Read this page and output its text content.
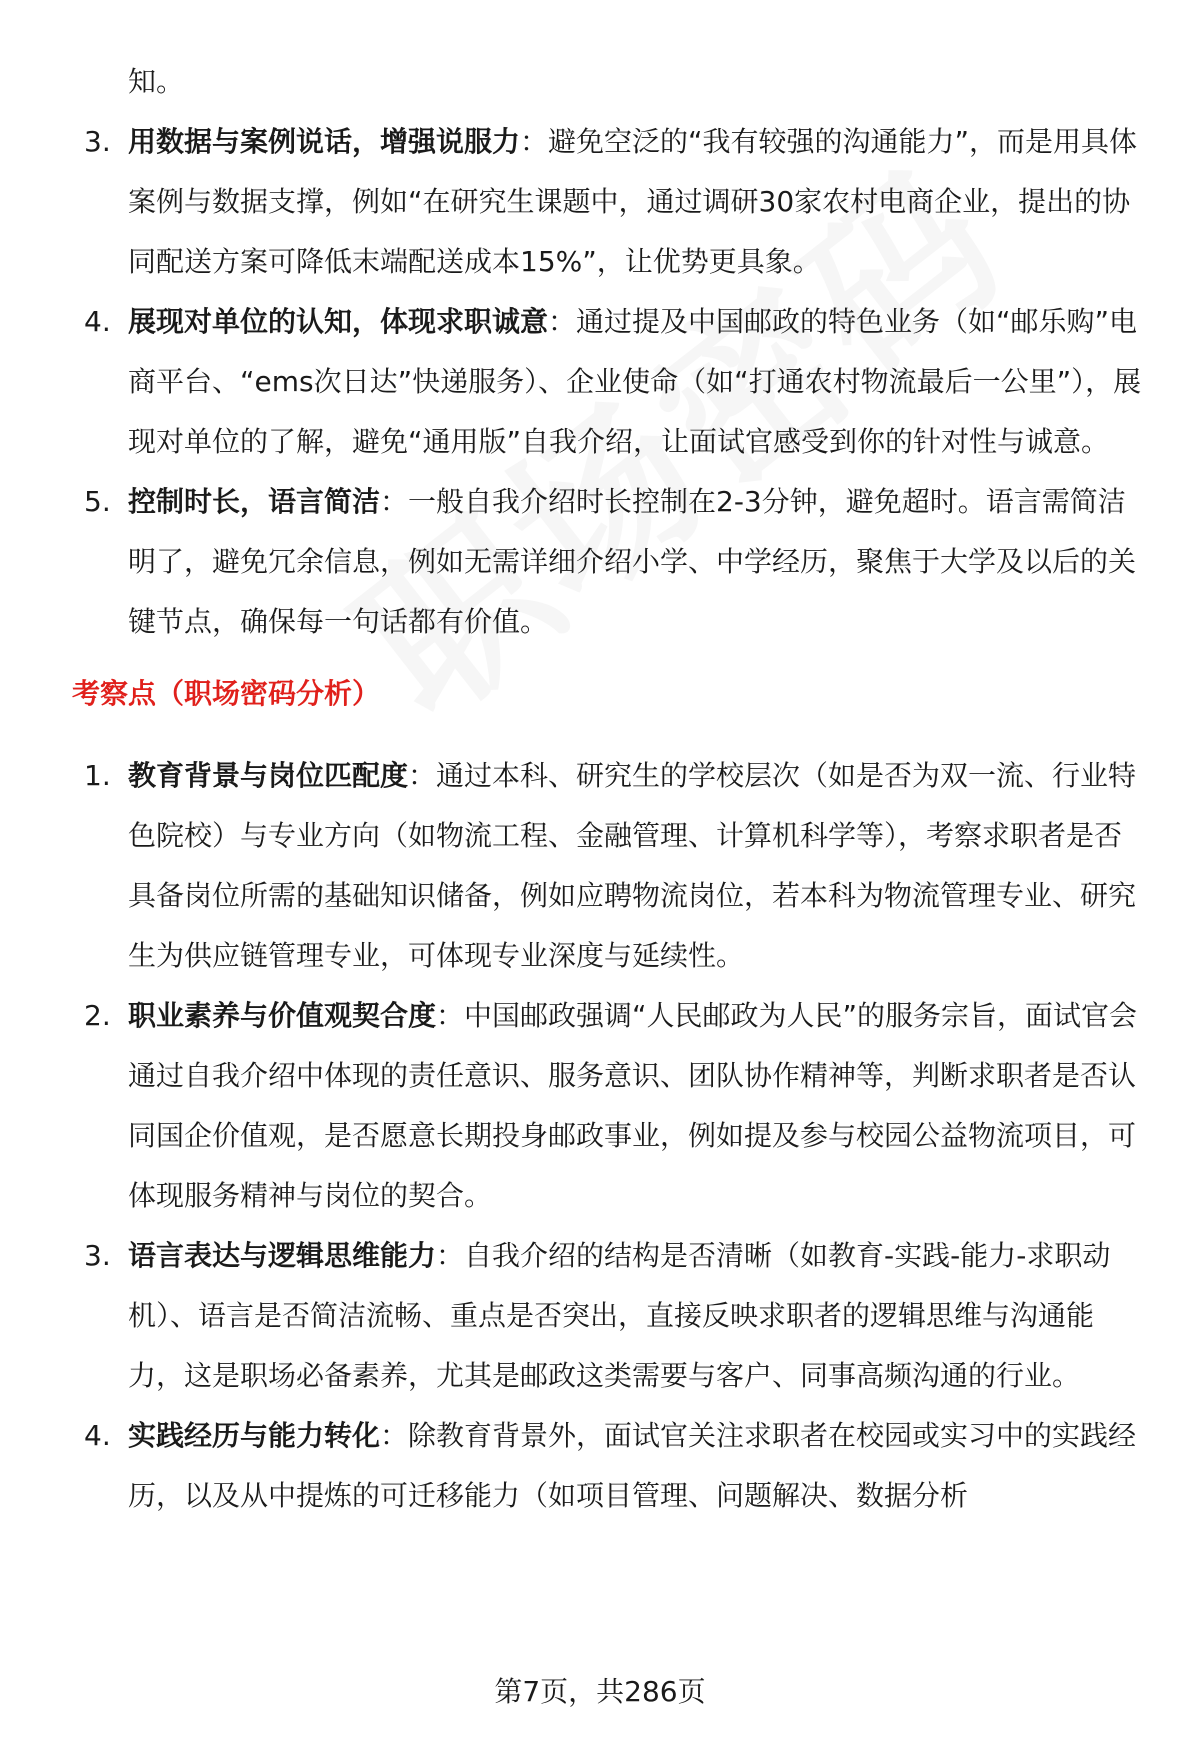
知。
3. 用数据与案例说话，增强说服力：避免空泛的“我有较强的沟通能力”，而是用具体案例与数据支撑，例如“在研究生课题中，通过调研30家农村电商企业，提出的协同配送方案可降低末端配送成本15%”，让优势更具象。
4. 展现对单位的认知，体现求职诚意：通过提及中国邮政的特色业务（如“邮乐购”电商平台、“ems次日达”快递服务）、企业使命（如“打通农村物流最后一公里”），展现对单位的了解，避免“通用版”自我介绍，让面试官感受到你的针对性与诚意。
5. 控制时长，语言简洁：一般自我介绍时长控制在2-3分钟，避免超时。语言需简洁明了，避免冗余信息，例如无需详细介绍小学、中学经历，聚焦于大学及以后的关键节点，确保每一句话都有价值。
考察点（职场密码分析）
1. 教育背景与岗位匹配度：通过本科、研究生的学校层次（如是否为双一流、行业特色院校）与专业方向（如物流工程、金融管理、计算机科学等），考察求职者是否具备岗位所需的基础知识储备，例如应聘物流岗位，若本科为物流管理专业、研究生为供应链管理专业，可体现专业深度与延续性。
2. 职业素养与价值观契合度：中国邮政强调“人民邮政为人民”的服务宗旨，面试官会通过自我介绍中体现的责任意识、服务意识、团队协作精神等，判断求职者是否认同国企价值观，是否愿意长期投身邮政事业，例如提及参与校园公益物流项目，可体现服务精神与岗位的契合。
3. 语言表达与逻辑思维能力：自我介绍的结构是否清晰（如教育-实践-能力-求职动机）、语言是否简洁流畅、重点是否突出，直接反映求职者的逻辑思维与沟通能力，这是职场必备素养，尤其是邮政这类需要与客户、同事高频沟通的行业。
4. 实践经历与能力转化：除教育背景外，面试官关注求职者在校园或实习中的实践经历，以及从中提炼的可迁移能力（如项目管理、问题解决、数据分析
第7页，共286页
